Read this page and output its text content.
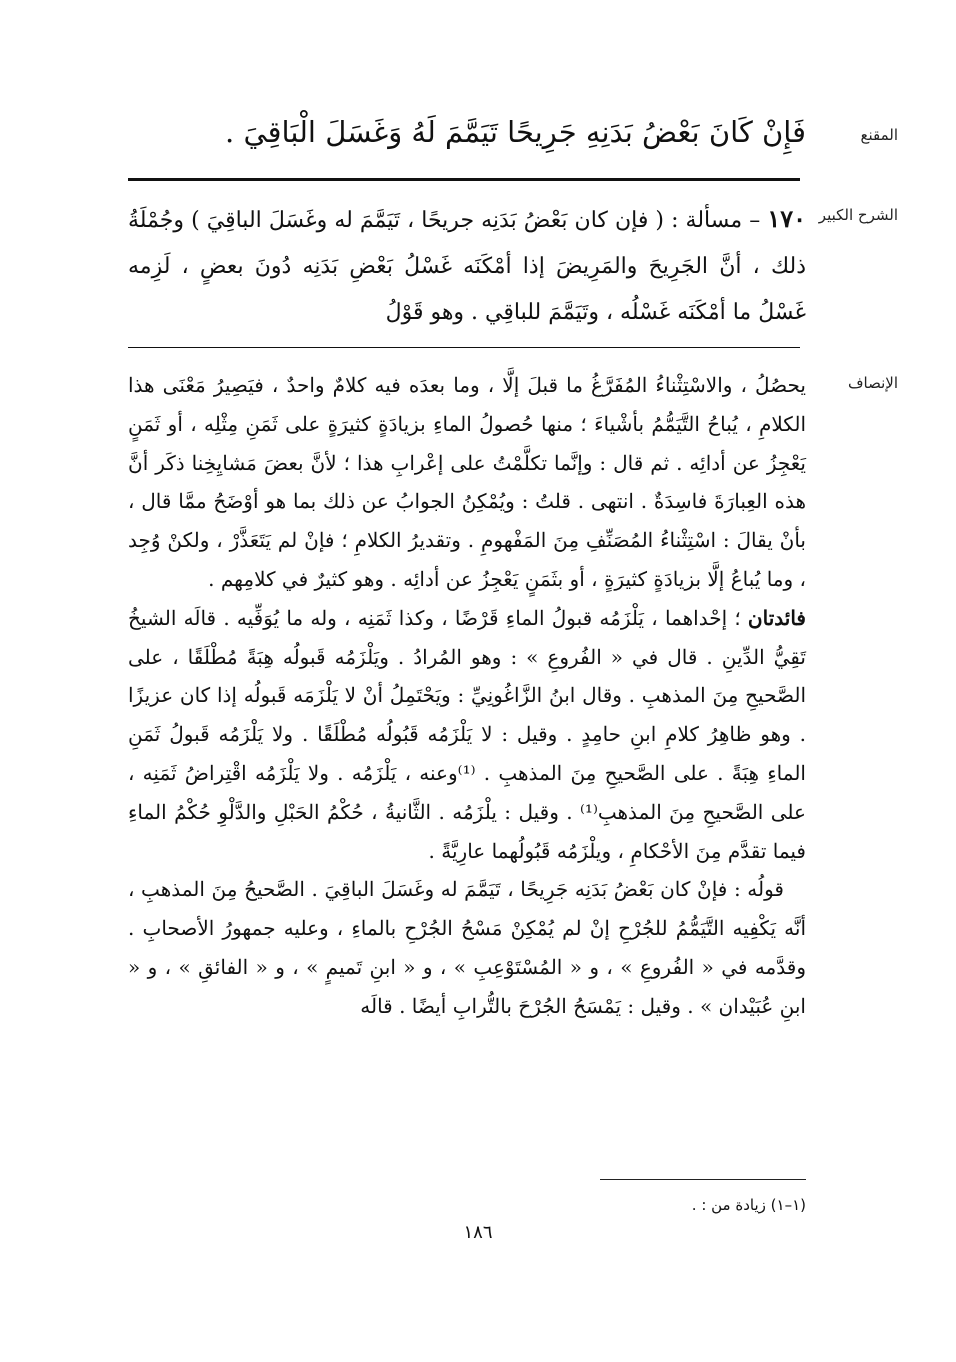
المقنع
فَإِنْ كَانَ بَعْضُ بَدَنِهِ جَرِيحًا تَيَمَّمَ لَهُ وَغَسَلَ الْبَاقِيَ .
الشرح الكبير

١٧٠ – مسألة : ( فإن كان بَعْضُ بَدَنِه جريحًا ، تَيَمَّمَ له وغَسَلَ الباقِيَ ) وجُمْلَةُ ذلك ، أنَّ الجَرِيحَ والمَرِيضَ إذا أمْكَنَه غَسْلُ بَعْضِ بَدَنِه دُونَ بعضٍ ، لَزِمه غَسْلُ ما أمْكَنَه غَسْلُه ، وتَيَمَّمَ للباقِي . وهو قَوْلُ

الإنصاف

يحصُلُ ، والاسْتِثْناءُ المُفَرَّغُ ما قبلَ إلَّا ، وما بعدَه فيه كلامٌ واحدٌ ، فيَصِيرُ مَعْنَى هذا الكلامِ ، يُباحُ التَّيَمُّمُ بأشْياءَ ؛ منها حُصولُ الماءِ بزيادَةٍ كثيرَةٍ على ثَمَنِ مِثْلِه ، أو ثَمَنٍ يَعْجِزُ عن أدائِه . ثم قال : وإنَّما تكلَّمْتُ على إعْرابِ هذا ؛ لأنَّ بعضَ مَشايِخِنا ذكَر أنَّ هذه العِبارَةَ فاسِدَةٌ . انتهى . قلتُ : ويُمْكِنُ الجوابُ عن ذلك بما هو أوْضَحُ ممَّا قال ، بأنْ يقالَ : اسْتِثْناءُ المُصَنِّفِ مِنَ المَفْهومِ . وتقديرُ الكلامِ ؛ فإنْ لم يَتَعَذَّرْ ، ولكنْ وُجِد ، وما يُباعُ إلَّا بزيادَةٍ كثيرَةٍ ، أو بثَمَنٍ يَعْجِزُ عن أدائِه . وهو كثيرٌ في كلامِهم .

فائدتان ؛ إحْداهما ، يَلْزَمُه قبولُ الماءِ قَرْضًا ، وكذا ثَمَنِه ، وله ما يُوَفِّيه . قالَه الشيخُ تَقِيُّ الدِّينِ . قال في « الفُروعِ » : وهو المُرادُ . ويَلْزَمُه قَبولُه هِبَةً مُطْلَقًا ، على الصَّحيحِ مِنَ المذهبِ . وقال ابنُ الزَّاغُونِيِّ : ويَحْتَمِلُ أنْ لا يَلْزَمَه قَبولُه إذا كان عزيزًا . وهو ظاهِرُ كلامِ ابنِ حامِدٍ . وقيل : لا يَلْزَمُه قَبُولُه مُطْلَقًا . ولا يَلْزَمُه قَبولُ ثَمَنِ الماءِ هِبَةً . على الصَّحيحِ مِنَ المذهبِ . ⁽¹⁾وعنه ، يَلْزَمُه . ولا يَلْزَمُه اقْتِراضُ ثَمَنِه ، على الصَّحيحِ مِنَ المذهبِ⁽¹⁾ . وقيل : يلْزَمُه . الثَّانيةُ ، حُكْمُ الحَبْلِ والدَّلْوِ حُكْمُ الماءِ فيما تقدَّم مِنَ الأحْكامِ ، ويلْزَمُه قَبُولُهما عارِيَّةً .

قولُه : فإنْ كان بَعْضُ بَدَنِه جَرِيحًا ، تَيَمَّمَ له وغَسَلَ الباقِيَ . الصَّحيحُ مِنَ المذهبِ ، أنَّه يَكْفِيه التَّيَمُّمُ للجُرْحِ إنْ لم يُمْكِنْ مَسْحُ الجُرْحِ بالماءِ ، وعليه جمهورُ الأصحابِ . وقدَّمه في « الفُروعِ » ، و « المُسْتَوْعِبِ » ، و « ابنِ تَميمٍ » ، و « الفائقِ » ، و « ابنِ عُبَيْدان » . وقيل : يَمْسَحُ الجُرْحَ بالتُّرابِ أيضًا . قالَه

(١–١) زيادة من : .
١٨٦
